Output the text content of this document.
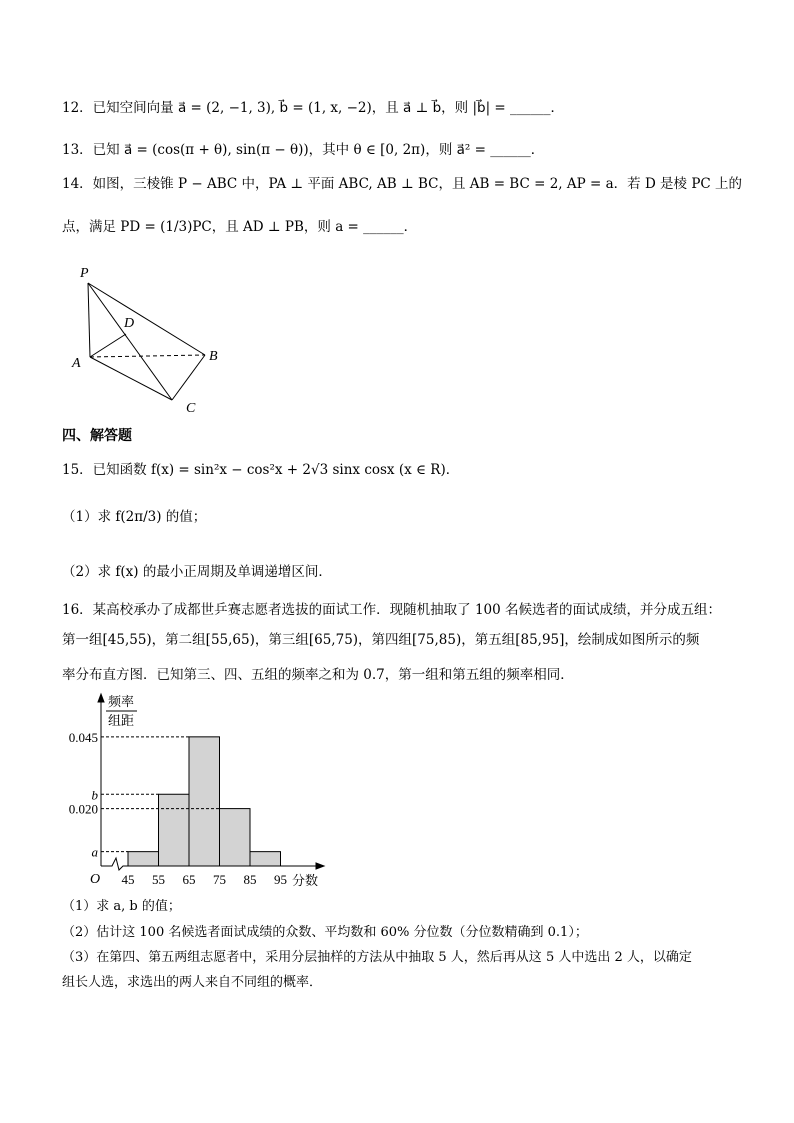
12．已知空间向量 a⃗ = (2, −1, 3), b⃗ = (1, x, −2)，且 a⃗ ⊥ b⃗，则 |b⃗| = ______．
13．已知 a⃗ = (cos(π + θ), sin(π − θ))，其中 θ ∈ [0, 2π)，则 a⃗² = ______．
14．如图，三棱锥 P − ABC 中，PA ⊥ 平面 ABC, AB ⊥ BC，且 AB = BC = 2, AP = a．若 D 是棱 PC 上的
点，满足 PD = (1/3)PC，且 AD ⊥ PB，则 a = ______．
P
D
A	B
C
四、解答题
15．已知函数 f(x) = sin²x − cos²x + 2√3 sinx cosx (x ∈ R)．
（1）求 f(2π/3) 的值；
（2）求 f(x) 的最小正周期及单调递增区间．
16．某高校承办了成都世乒赛志愿者选拔的面试工作．现随机抽取了 100 名候选者的面试成绩，并分成五组：
第一组[45,55)，第二组[55,65)，第三组[65,75)，第四组[75,85)，第五组[85,95]，绘制成如图所示的频
率分布直方图．已知第三、四、五组的频率之和为 0.7，第一组和第五组的频率相同．
频率
组距
O	分数
0.045
b
0.020
a
45 55 65 75 85 95
（1）求 a, b 的值；
（2）估计这 100 名候选者面试成绩的众数、平均数和 60% 分位数（分位数精确到 0.1）；
（3）在第四、第五两组志愿者中，采用分层抽样的方法从中抽取 5 人，然后再从这 5 人中选出 2 人，以确定
组长人选，求选出的两人来自不同组的概率．
